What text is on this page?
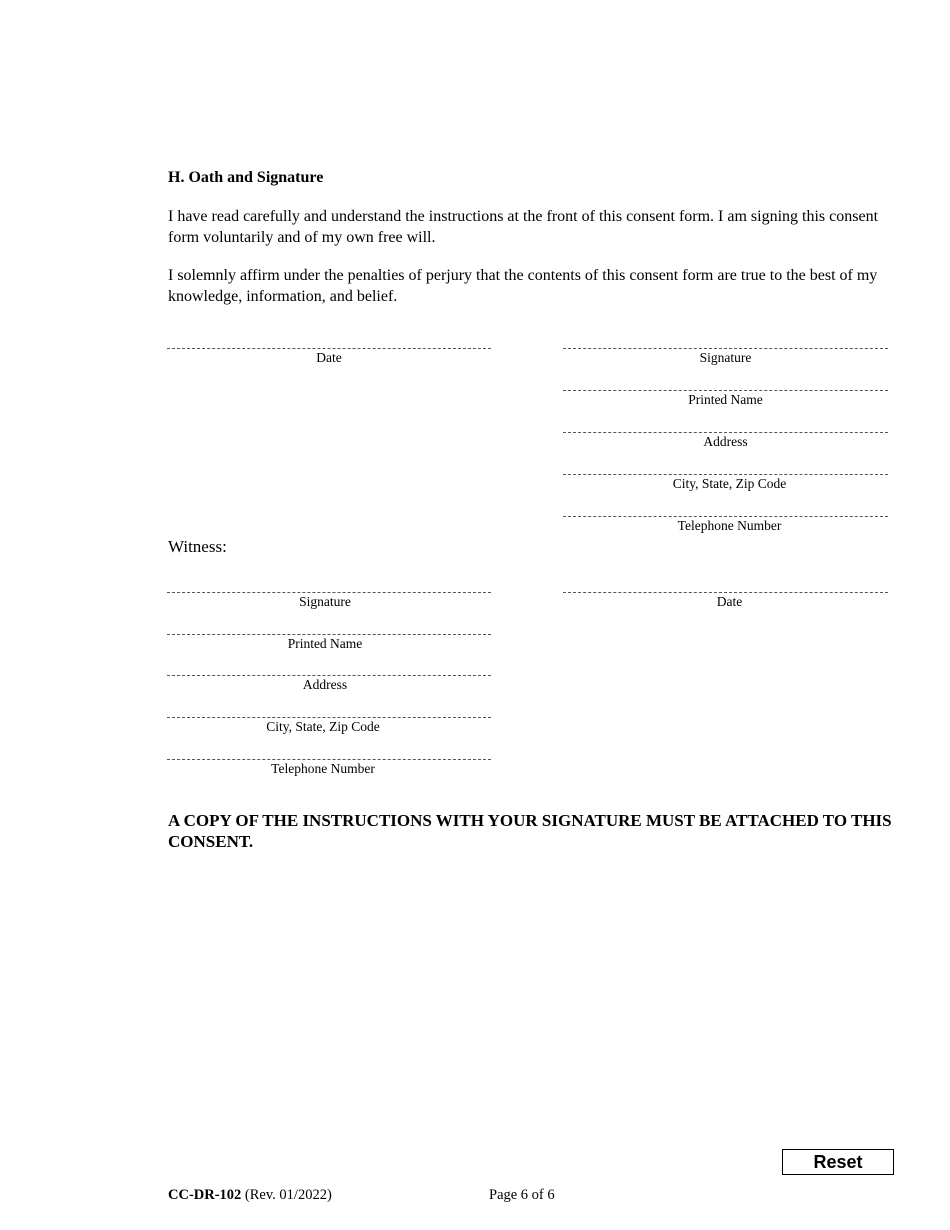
H. Oath and Signature
I have read carefully and understand the instructions at the front of this consent form. I am signing this consent form voluntarily and of my own free will.
I solemnly affirm under the penalties of perjury that the contents of this consent form are true to the best of my knowledge, information, and belief.
Date	Signature
Printed Name
Address
City, State, Zip Code
Telephone Number
Witness:
Signature	Date
Printed Name
Address
City, State, Zip Code
Telephone Number
A COPY OF THE INSTRUCTIONS WITH YOUR SIGNATURE MUST BE ATTACHED TO THIS CONSENT.
Reset
CC-DR-102 (Rev. 01/2022)	Page 6 of 6
